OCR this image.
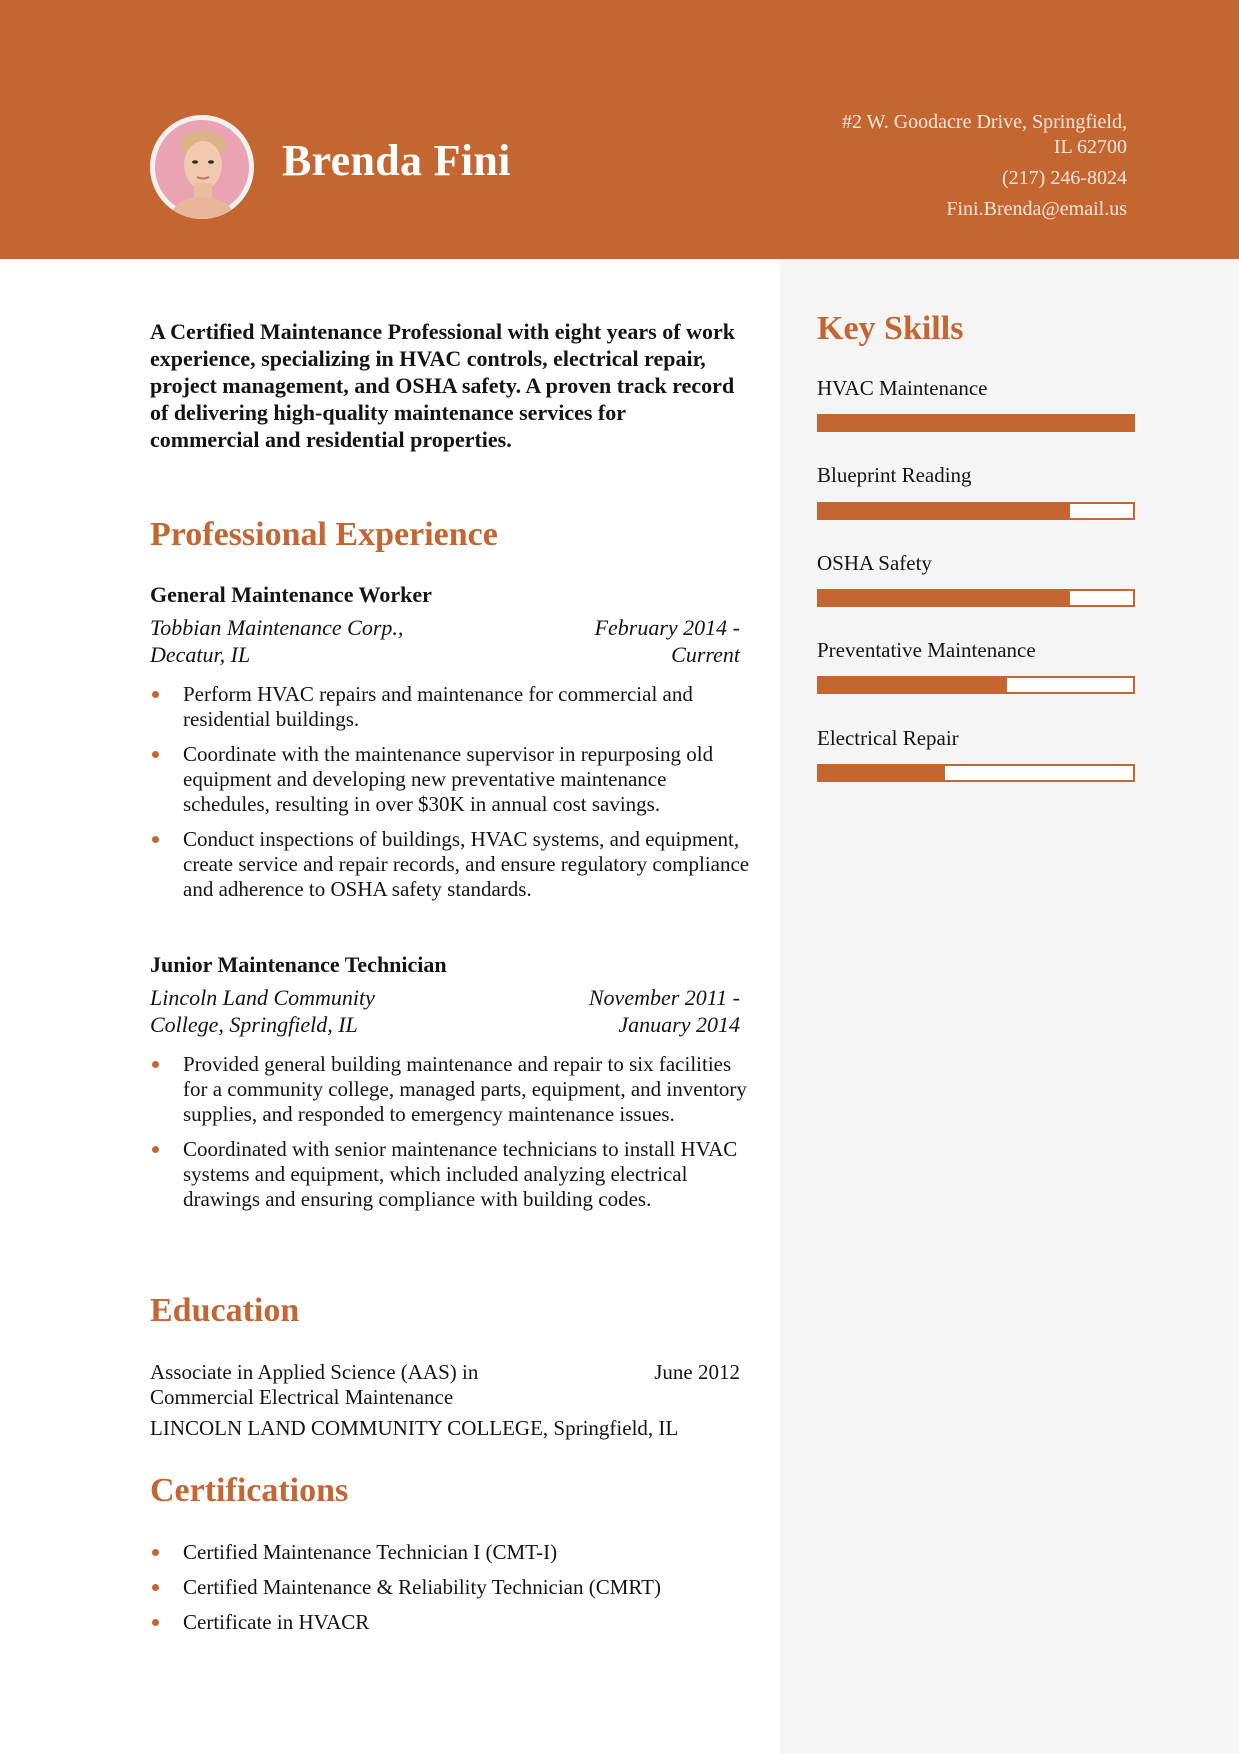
Brenda Fini
#2 W. Goodacre Drive, Springfield,
IL 62700
(217) 246-8024
Fini.Brenda@email.us

A Certified Maintenance Professional with eight years of work experience, specializing in HVAC controls, electrical repair, project management, and OSHA safety. A proven track record of delivering high-quality maintenance services for commercial and residential properties.

Professional Experience
General Maintenance Worker
Tobbian Maintenance Corp.,
Decatur, IL
February 2014 -
Current
Perform HVAC repairs and maintenance for commercial and residential buildings.
Coordinate with the maintenance supervisor in repurposing old equipment and developing new preventative maintenance schedules, resulting in over $30K in annual cost savings.
Conduct inspections of buildings, HVAC systems, and equipment, create service and repair records, and ensure regulatory compliance and adherence to OSHA safety standards.
Junior Maintenance Technician
Lincoln Land Community
College, Springfield, IL
November 2011 -
January 2014
Provided general building maintenance and repair to six facilities for a community college, managed parts, equipment, and inventory supplies, and responded to emergency maintenance issues.
Coordinated with senior maintenance technicians to install HVAC systems and equipment, which included analyzing electrical drawings and ensuring compliance with building codes.
Education
Associate in Applied Science (AAS) in
Commercial Electrical Maintenance
June 2012
LINCOLN LAND COMMUNITY COLLEGE, Springfield, IL
Certifications
Certified Maintenance Technician I (CMT-I)
Certified Maintenance & Reliability Technician (CMRT)
Certificate in HVACR
Key Skills
HVAC Maintenance
Blueprint Reading
OSHA Safety
Preventative Maintenance
Electrical Repair
